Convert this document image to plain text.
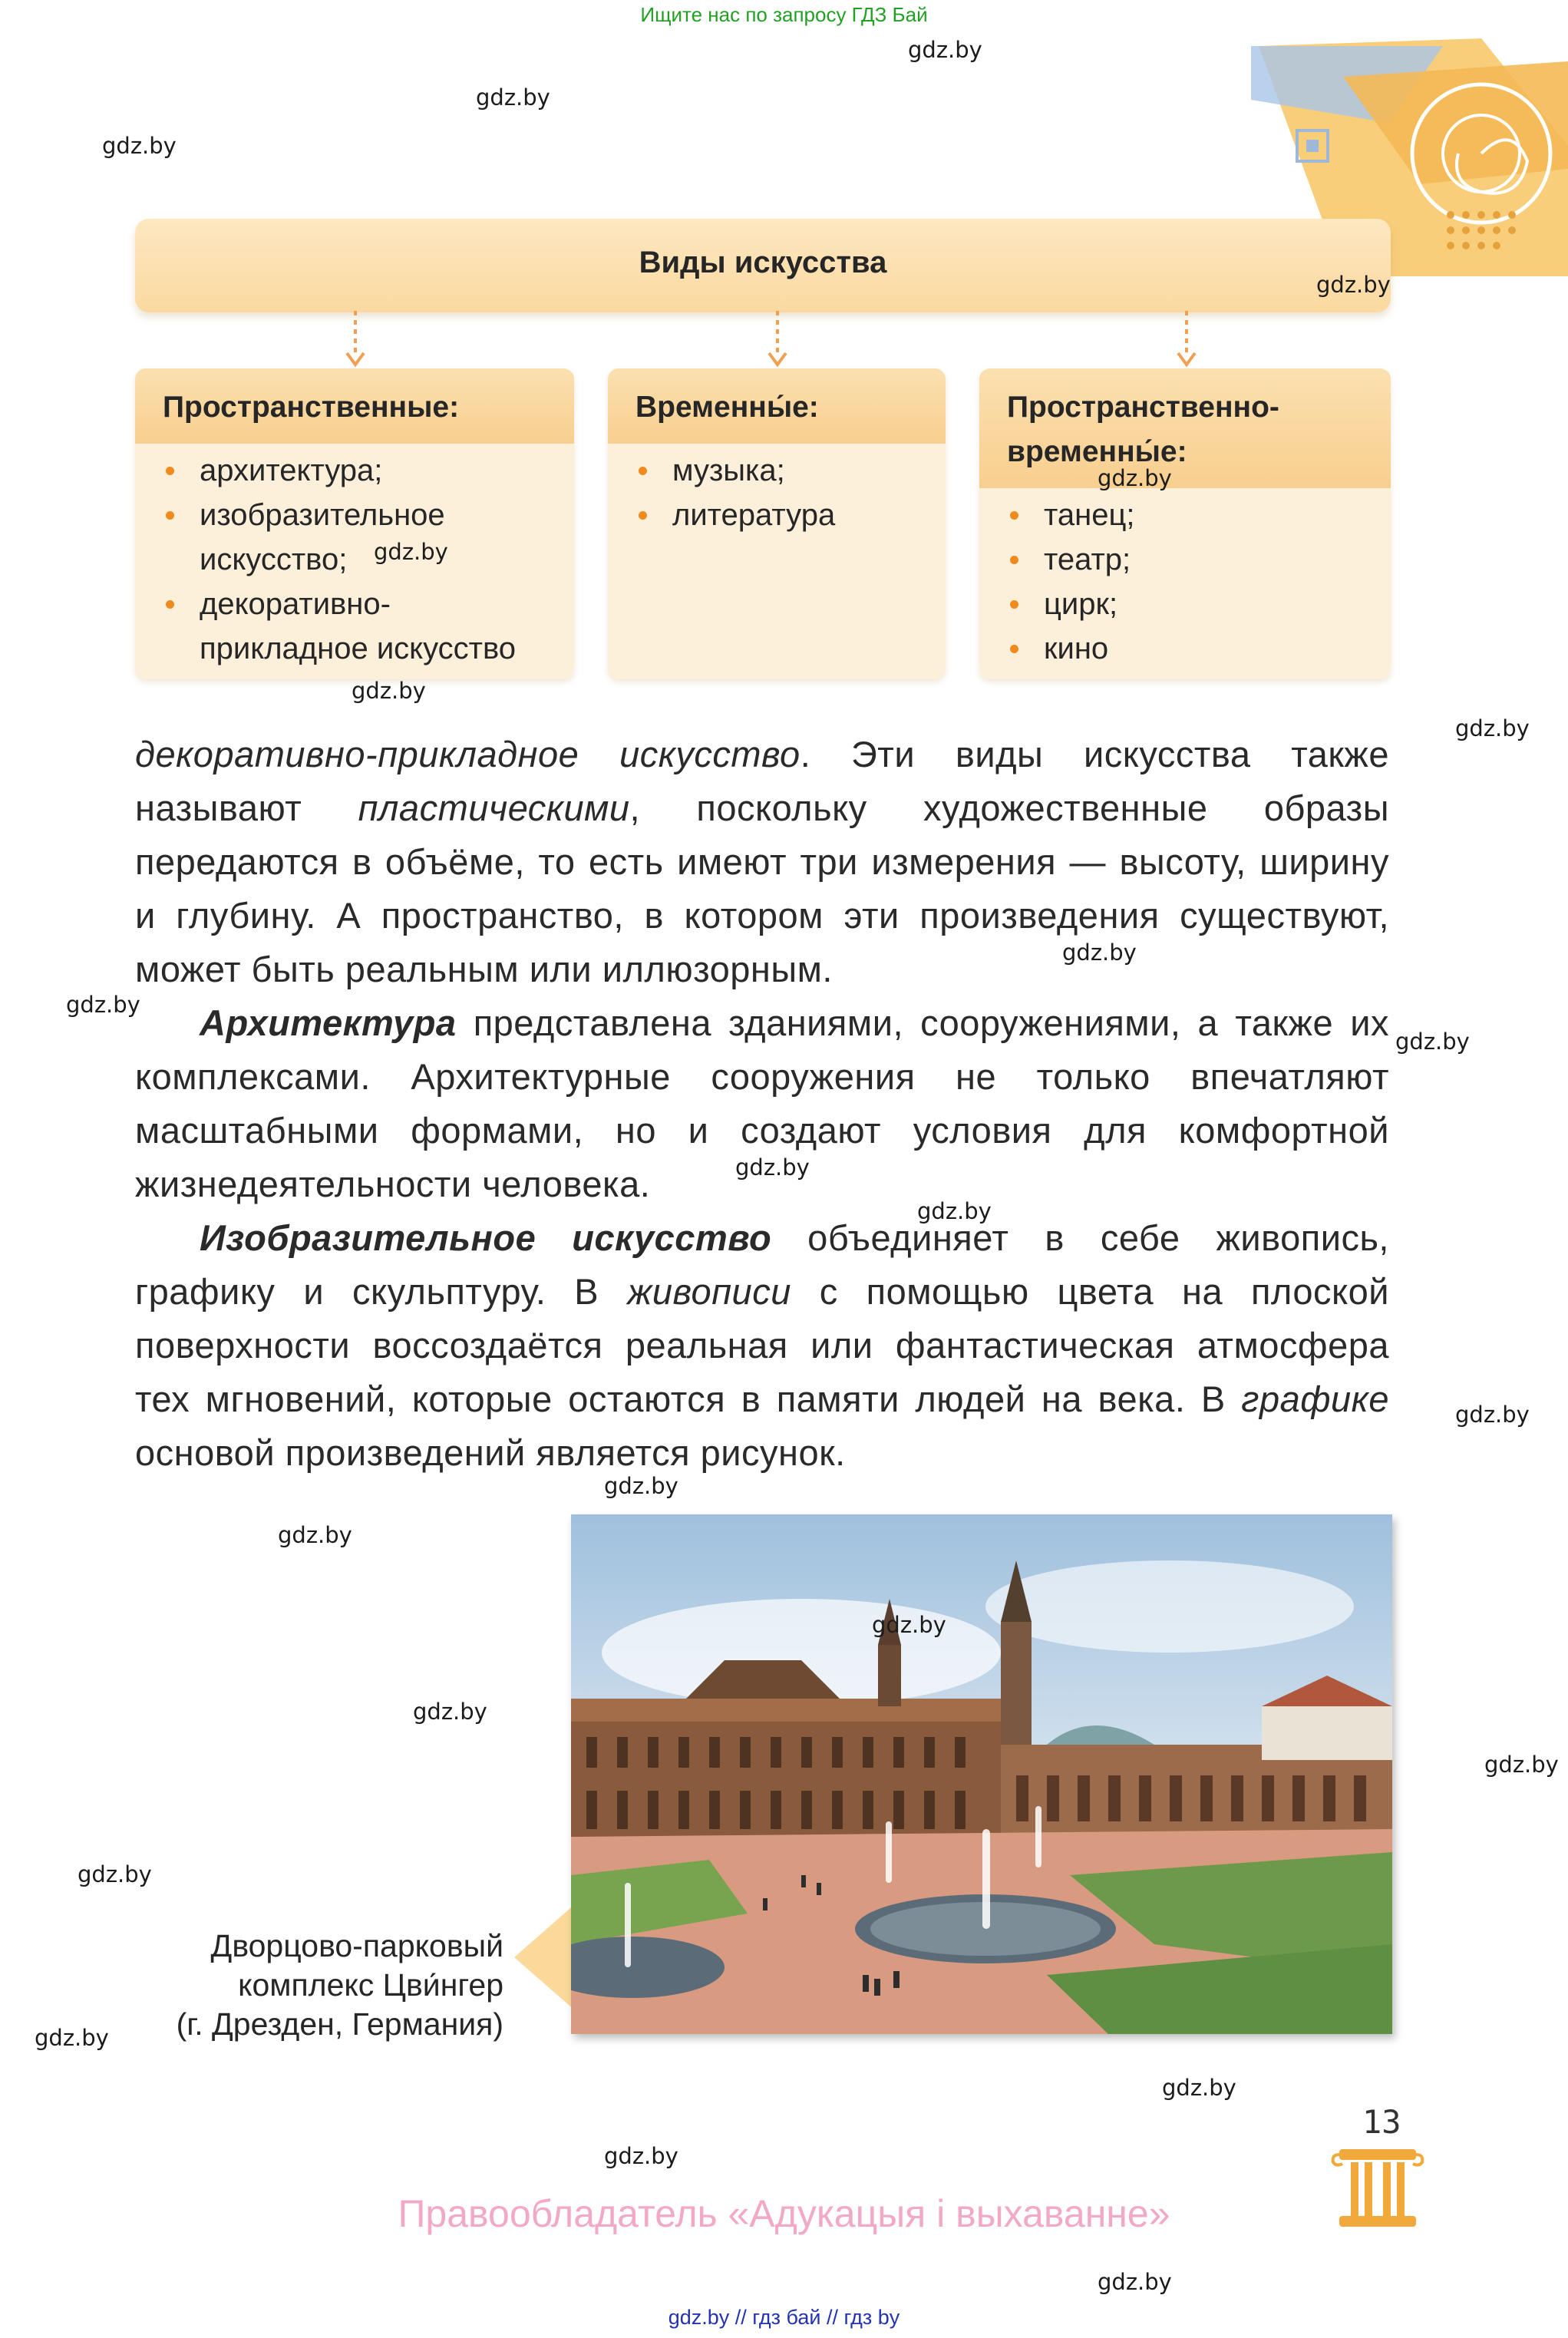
Ищите нас по запросу ГДЗ Бай
Виды искусства
Пространственные:
архитектура;
изобразительное искусство;
декоративно-прикладное искусство
Временны́е:
музыка;
литература
Пространственно-временны́е:
танец;
театр;
цирк;
кино

декоративно-прикладное искусство. Эти виды искусства также называют пластическими, поскольку художественные образы передаются в объёме, то есть имеют три измерения — высоту, ширину и глубину. А пространство, в котором эти произведения существуют, может быть реальным или иллюзорным.

Архитектура представлена зданиями, сооружениями, а также их комплексами. Архитектурные сооружения не только впечатляют масштабными формами, но и создают условия для комфортной жизнедеятельности человека.

Изобразительное искусство объединяет в себе живопись, графику и скульптуру. В живописи с помощью цвета на плоской поверхности воссоздаётся реальная или фантастическая атмосфера тех мгновений, которые остаются в памяти людей на века. В графике основой произведений является рисунок.

Дворцово-парковый
комплекс Цви́нгер
(г. Дрезден, Германия)
13
Правообладатель «Адукацыя і выхаванне»
gdz.by // гдз бай // гдз by
gdz.by
gdz.by
gdz.by
gdz.by
gdz.by
gdz.by
gdz.by
gdz.by
gdz.by
gdz.by
gdz.by
gdz.by
gdz.by
gdz.by
gdz.by
gdz.by
gdz.by
gdz.by
gdz.by
gdz.by
gdz.by
gdz.by
gdz.by
gdz.by
